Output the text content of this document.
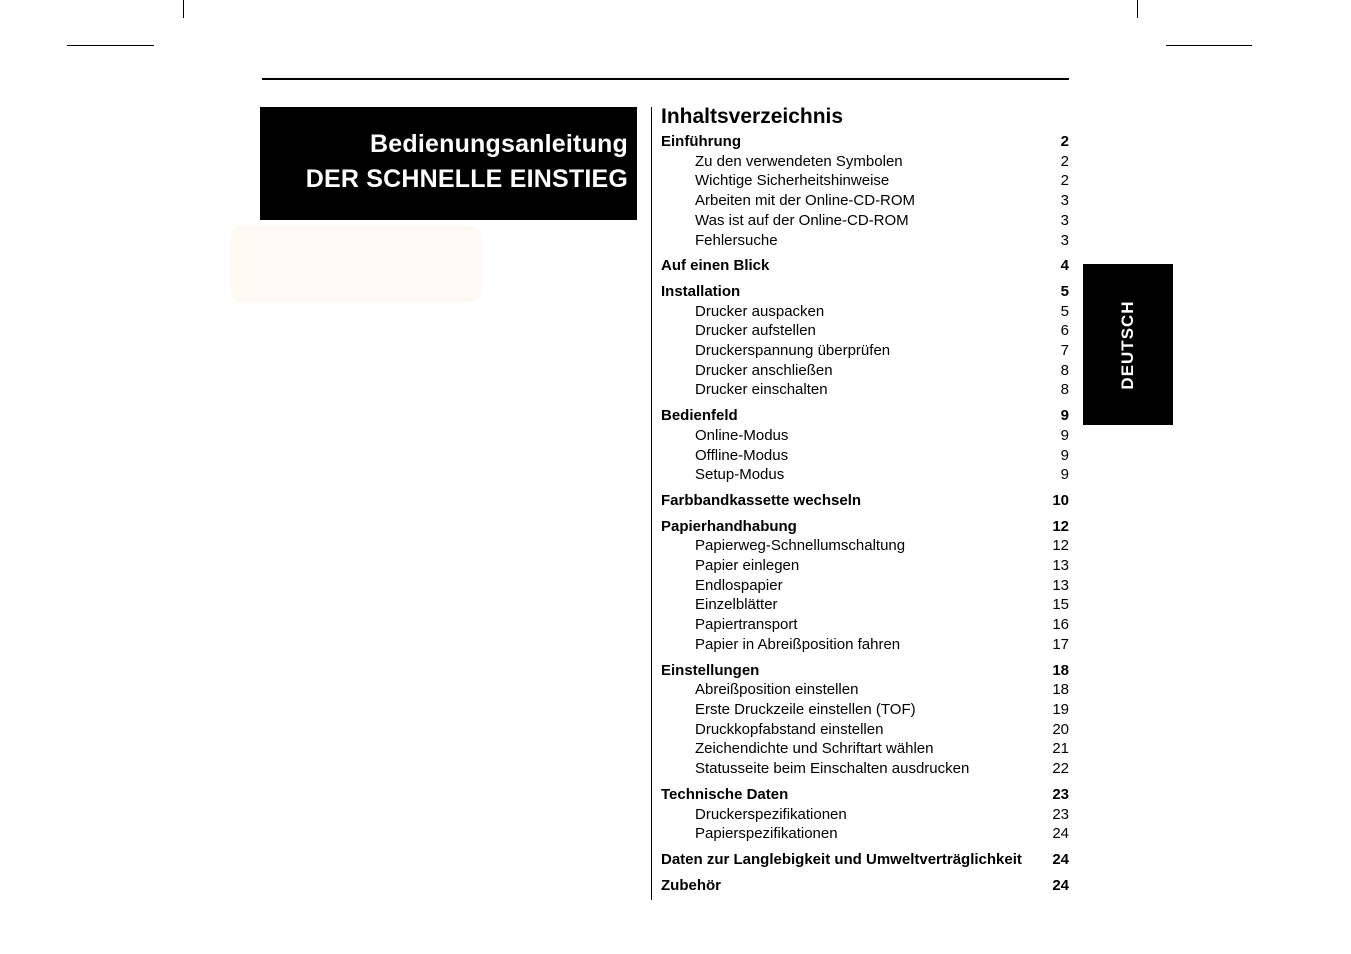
Bedienungsanleitung
DER SCHNELLE EINSTIEG
Inhaltsverzeichnis
Einführung	2
Zu den verwendeten Symbolen	2
Wichtige Sicherheitshinweise	2
Arbeiten mit der Online-CD-ROM	3
Was ist auf der Online-CD-ROM	3
Fehlersuche	3
Auf einen Blick	4
Installation	5
Drucker auspacken	5
Drucker aufstellen	6
Druckerspannung überprüfen	7
Drucker anschließen	8
Drucker einschalten	8
Bedienfeld	9
Online-Modus	9
Offline-Modus	9
Setup-Modus	9
Farbbandkassette wechseln	10
Papierhandhabung	12
Papierweg-Schnellumschaltung	12
Papier einlegen	13
Endlospapier	13
Einzelblätter	15
Papiertransport	16
Papier in Abreißposition fahren	17
Einstellungen	18
Abreißposition einstellen	18
Erste Druckzeile einstellen (TOF)	19
Druckkopfabstand einstellen	20
Zeichendichte und Schriftart wählen	21
Statusseite beim Einschalten ausdrucken	22
Technische Daten	23
Druckerspezifikationen	23
Papierspezifikationen	24
Daten zur Langlebigkeit und Umweltverträglichkeit 24
Zubehör	24
DEUTSCH
